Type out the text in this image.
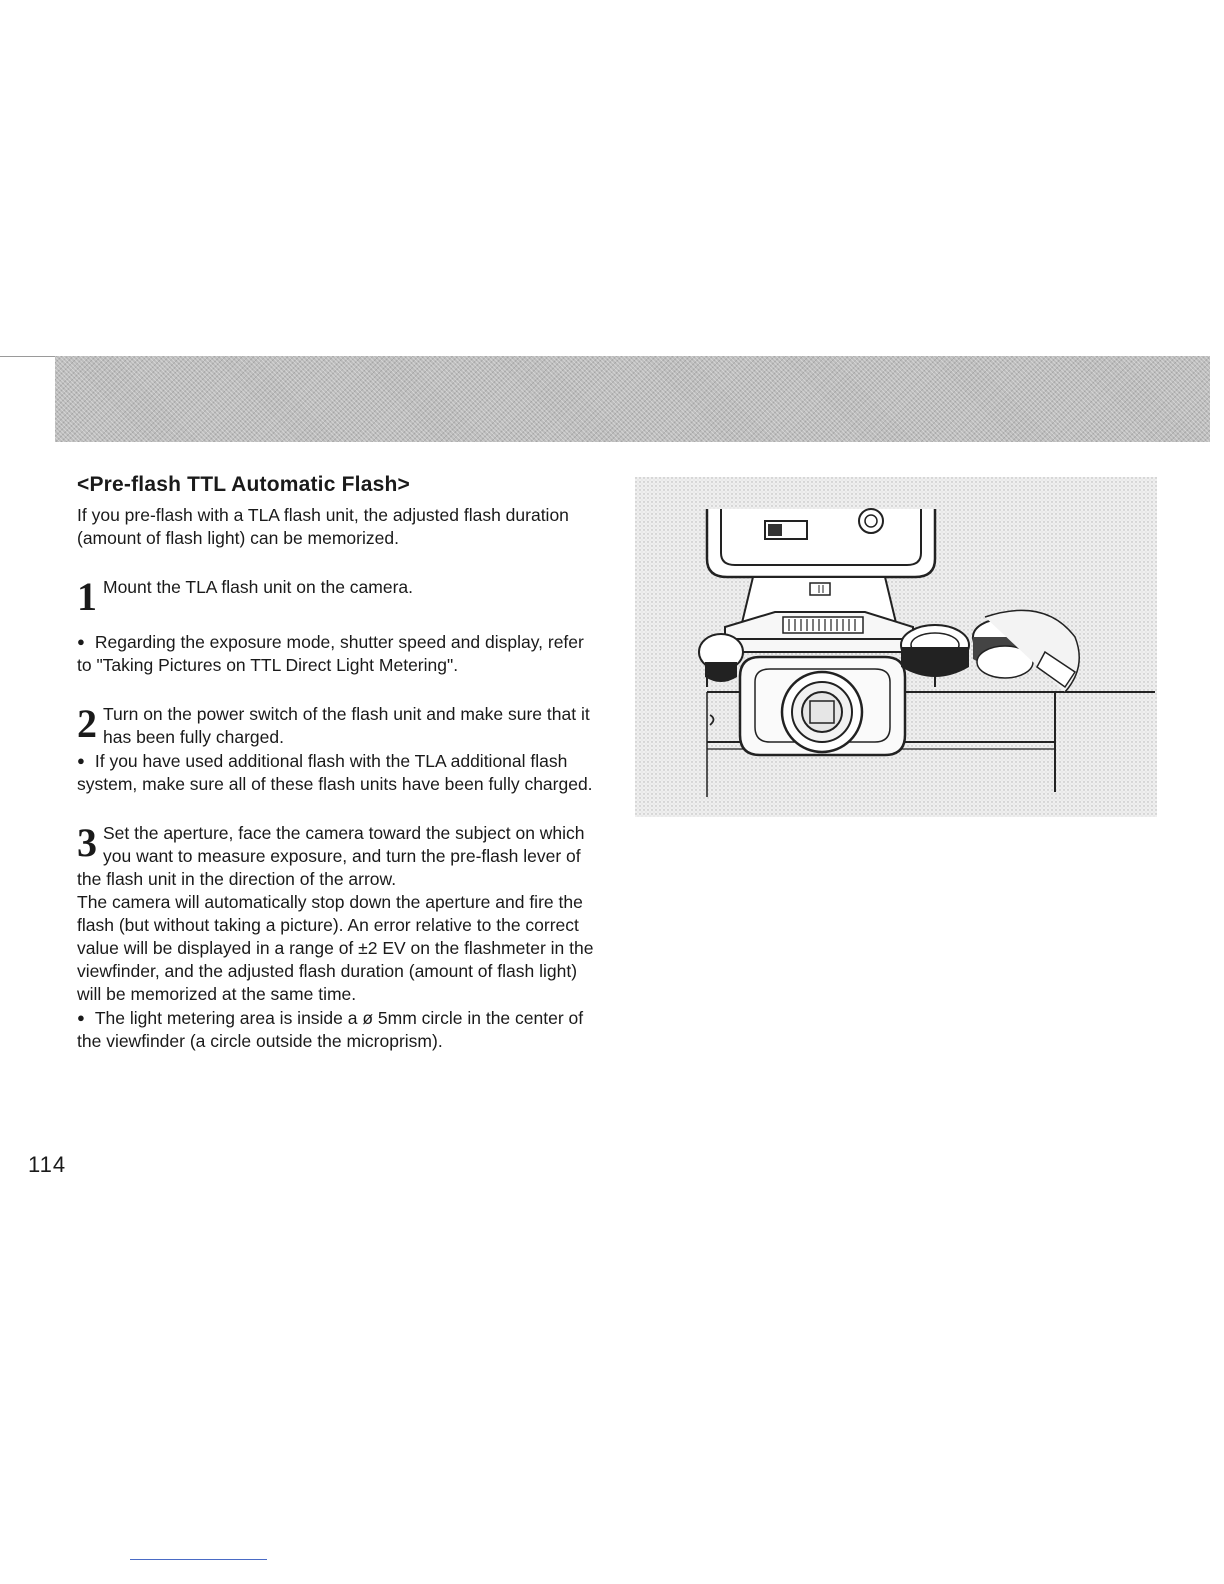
<Pre-flash TTL Automatic Flash>

If you pre-flash with a TLA flash unit, the adjusted flash duration (amount of flash light) can be memorized.

1 Mount the TLA flash unit on the camera.

● Regarding the exposure mode, shutter speed and display, refer to "Taking Pictures on TTL Direct Light Metering".

2 Turn on the power switch of the flash unit and make sure that it has been fully charged.

● If you have used additional flash with the TLA additional flash system, make sure all of these flash units have been fully charged.

3 Set the aperture, face the camera toward the subject on which you want to measure exposure, and turn the pre-flash lever of the flash unit in the direction of the arrow.

The camera will automatically stop down the aperture and fire the flash (but without taking a picture). An error relative to the correct value will be displayed in a range of ±2 EV on the flashmeter in the viewfinder, and the adjusted flash duration (amount of flash light) will be memorized at the same time.

● The light metering area is inside a ø 5mm circle in the center of the viewfinder (a circle outside the microprism).

114
